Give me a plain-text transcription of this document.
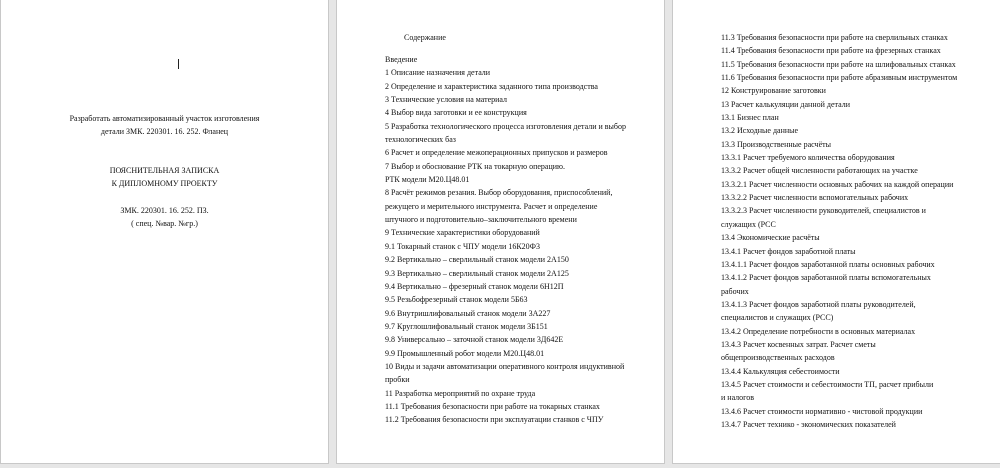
Разработать автоматизированный участок изготовления
детали ЗМК. 220301. 16. 252. Фланец
ПОЯСНИТЕЛЬНАЯ ЗАПИСКА
К ДИПЛОМНОМУ ПРОЕКТУ
ЗМК. 220301. 16. 252. ПЗ.
( спец. №вар. №гр.)
Содержание
Введение
1 Описание назначения детали
2 Определение и характеристика заданного типа производства
3 Технические условия на материал
4 Выбор вида заготовки и ее конструкция
5 Разработка технологического процесса изготовления детали и выбор
технологических баз
6 Расчет и определение межоперационных припусков и размеров
7 Выбор и обоснование РТК на токарную операцию.
РТК модели М20.Ц48.01
8 Расчёт режимов резания. Выбор оборудования, приспособлений,
режущего и мерительного инструмента. Расчет и определение
штучного и подготовительно–заключительного времени
9 Технические характеристики оборудований
9.1 Токарный станок с ЧПУ модели 16К20Ф3
9.2 Вертикально – сверлильный станок модели 2А150
9.3 Вертикально – сверлильный станок модели 2А125
9.4 Вертикально – фрезерный станок модели 6Н12П
9.5 Резьбофрезерный станок модели 5Б63
9.6 Внутришлифовальный станок модели 3А227
9.7 Круглошлифовальный станок модели 3Б151
9.8 Универсально – заточной станок модели 3Д642Е
9.9 Промышленный робот модели М20.Ц48.01
10 Виды и задачи автоматизации оперативного контроля индуктивной
пробки
11 Разработка мероприятий по охране труда
11.1 Требования безопасности при работе на токарных станках
11.2 Требования безопасности при эксплуатации станков с ЧПУ
11.3 Требования безопасности при работе на сверлильных станках
11.4 Требования безопасности при работе на фрезерных станках
11.5 Требования безопасности при работе на шлифовальных станках
11.6 Требования безопасности при работе абразивным инструментом
12 Конструирование заготовки
13 Расчет калькуляции данной детали
13.1 Бизнес план
13.2 Исходные данные
13.3 Производственные расчёты
13.3.1 Расчет требуемого количества оборудования
13.3.2 Расчет общей численности работающих на участке
13.3.2.1 Расчет численности основных рабочих на каждой операции
13.3.2.2 Расчет численности вспомогательных рабочих
13.3.2.3 Расчет численности руководителей, специалистов и
служащих (РСС
13.4 Экономические расчёты
13.4.1 Расчет фондов заработной платы
13.4.1.1 Расчет фондов заработанной платы основных рабочих
13.4.1.2 Расчет фондов заработанной платы вспомогательных
рабочих
13.4.1.3 Расчет фондов заработной платы руководителей,
специалистов и служащих (РСС)
13.4.2 Определение потребности в основных материалах
13.4.3 Расчет косвенных затрат. Расчет сметы
общепроизводственных расходов
13.4.4 Калькуляция себестоимости
13.4.5 Расчет стоимости и себестоимости ТП, расчет прибыли
и налогов
13.4.6 Расчет стоимости нормативно - чистовой продукции
13.4.7 Расчет технико - экономических показателей
